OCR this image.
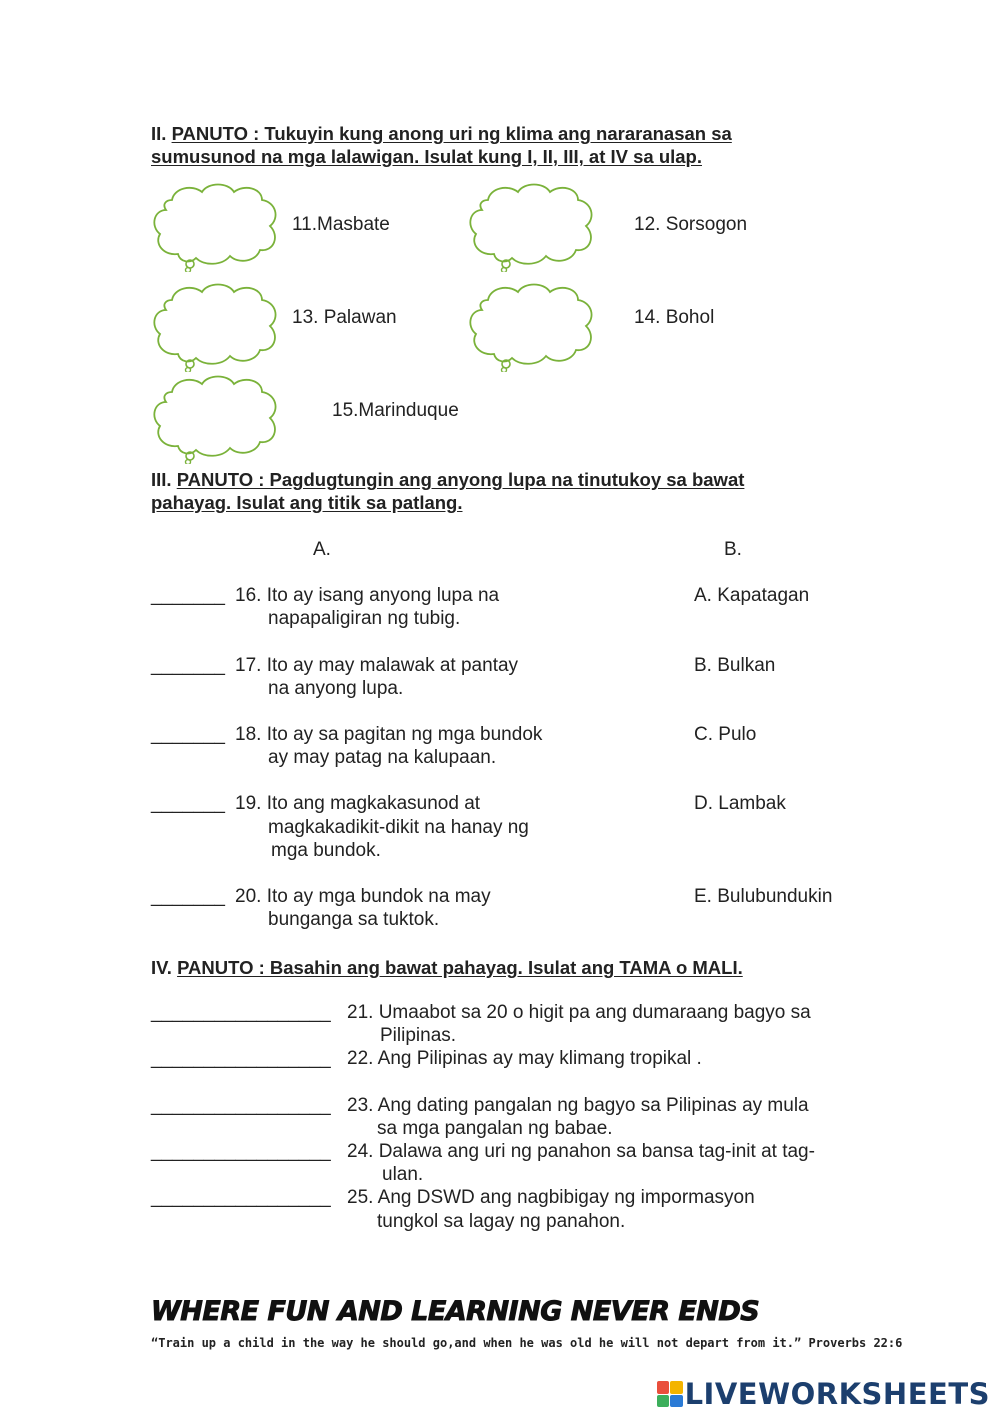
II. PANUTO : Tukuyin kung anong uri ng klima ang nararanasan sa
sumusunod na mga lalawigan. Isulat kung I, II, III, at IV sa ulap.
11.Masbate	12. Sorsogon
13. Palawan	14. Bohol
15.Marinduque
III. PANUTO : Pagdugtungin ang anyong lupa na tinutukoy sa bawat
pahayag. Isulat ang titik sa patlang.
A.	B.
_______ 16. Ito ay isang anyong lupa na
napapaligiran ng tubig.
A. Kapatagan
_______ 17. Ito ay may malawak at pantay
na anyong lupa.
B. Bulkan
_______ 18. Ito ay sa pagitan ng mga bundok
ay may patag na kalupaan.
C. Pulo
_______ 19. Ito ang magkakasunod at
magkakadikit-dikit na hanay ng
mga bundok.
D. Lambak
_______ 20. Ito ay mga bundok na may
bunganga sa tuktok.
E. Bulubundukin
IV. PANUTO : Basahin ang bawat pahayag. Isulat ang TAMA o MALI.
_________________ 21. Umaabot sa 20 o higit pa ang dumaraang bagyo sa
Pilipinas.
_________________ 22. Ang Pilipinas ay may klimang tropikal .
_________________ 23. Ang dating pangalan ng bagyo sa Pilipinas ay mula
sa mga pangalan ng babae.
_________________ 24. Dalawa ang uri ng panahon sa bansa tag-init at tag-
ulan.
_________________ 25. Ang DSWD ang nagbibigay ng impormasyon
tungkol sa lagay ng panahon.
WHERE FUN AND LEARNING NEVER ENDS
“Train up a child in the way he should go,and when he was old he will not depart from it.” Proverbs 22:6
LIVEWORKSHEETS
